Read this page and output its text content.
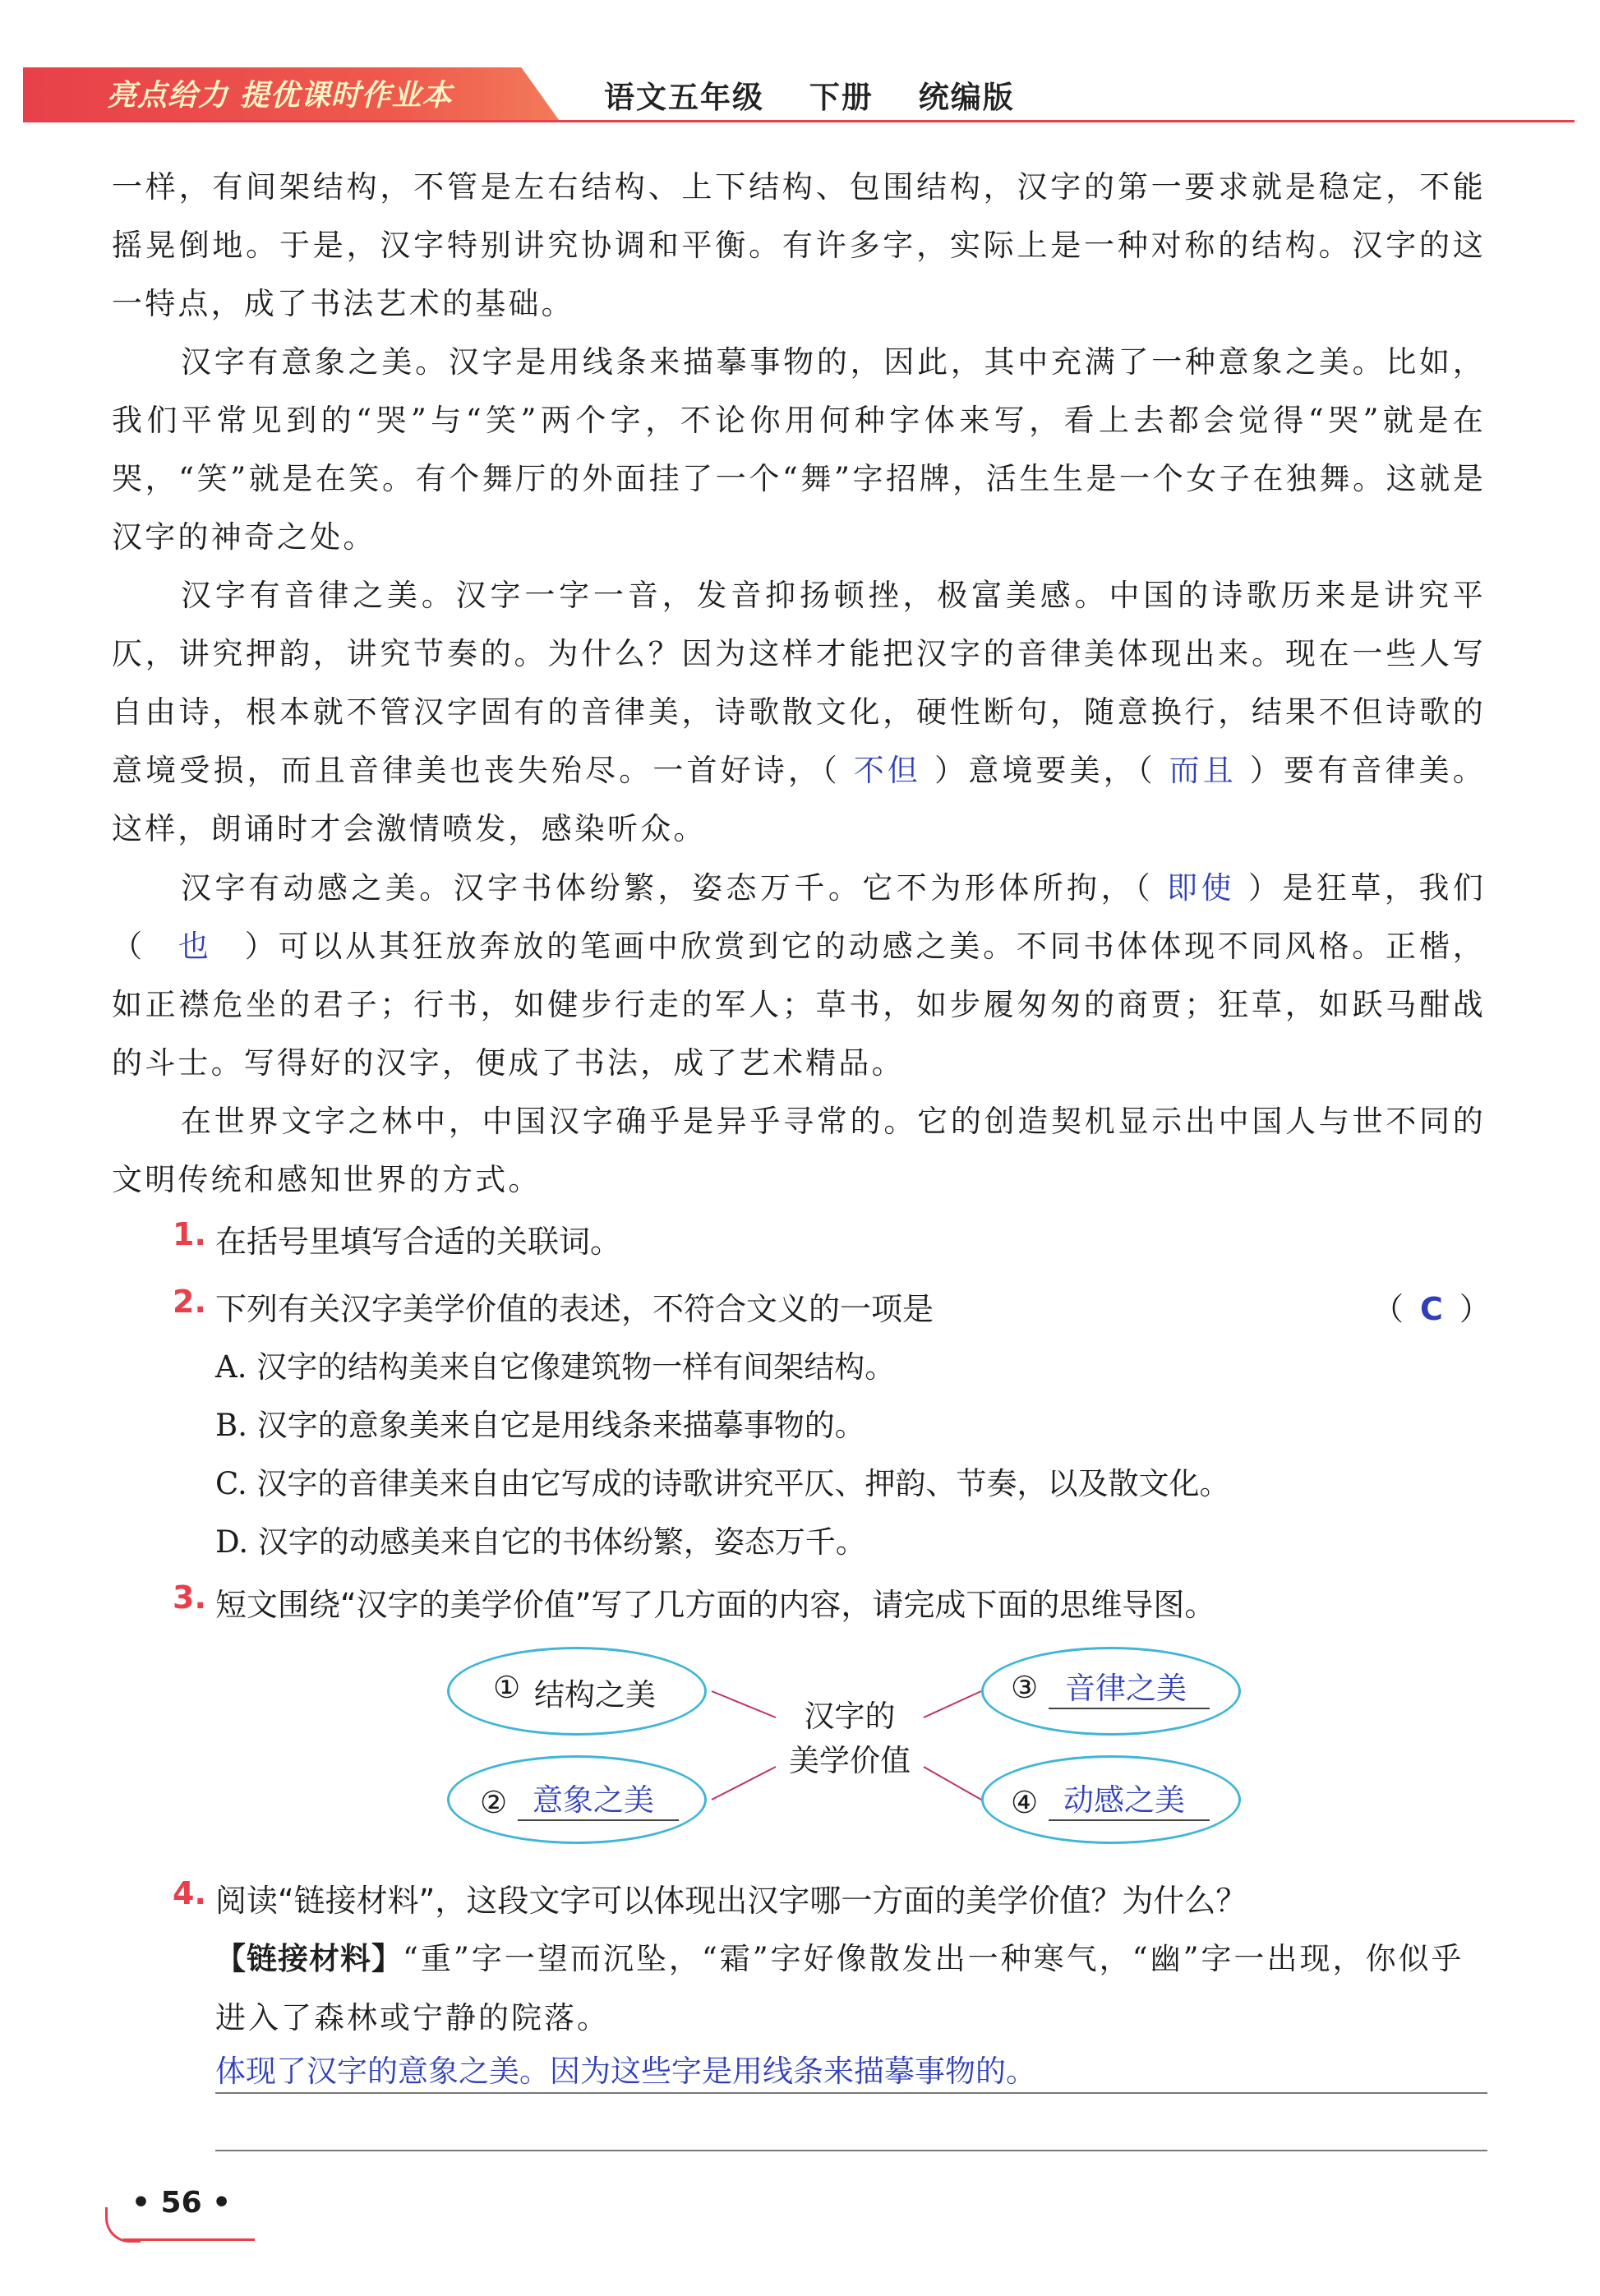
亮点给力 提优课时作业本	语文五年级 下册 统编版

一样，有间架结构，不管是左右结构、上下结构、包围结构，汉字的第一要求就是稳定，不能摇晃倒地。于是，汉字特别讲究协调和平衡。有许多字，实际上是一种对称的结构。汉字的这一特点，成了书法艺术的基础。

汉字有意象之美。汉字是用线条来描摹事物的，因此，其中充满了一种意象之美。比如，我们平常见到的“哭”与“笑”两个字，不论你用何种字体来写，看上去都会觉得“哭”就是在哭，“笑”就是在笑。有个舞厅的外面挂了一个“舞”字招牌，活生生是一个女子在独舞。这就是汉字的神奇之处。

汉字有音律之美。汉字一字一音，发音抑扬顿挫，极富美感。中国的诗歌历来是讲究平仄，讲究押韵，讲究节奏的。为什么？因为这样才能把汉字的音律美体现出来。现在一些人写自由诗，根本就不管汉字固有的音律美，诗歌散文化，硬性断句，随意换行，结果不但诗歌的意境受损，而且音律美也丧失殆尽。一首好诗，（ 不但 ）意境要美，（ 而且 ）要有音律美。这样，朗诵时才会激情喷发，感染听众。

汉字有动感之美。汉字书体纷繁，姿态万千。它不为形体所拘，（ 即使 ）是狂草，我们（ 也 ）可以从其狂放奔放的笔画中欣赏到它的动感之美。不同书体体现不同风格。正楷，如正襟危坐的君子；行书，如健步行走的军人；草书，如步履匆匆的商贾；狂草，如跃马酣战的斗士。写得好的汉字，便成了书法，成了艺术精品。

在世界文字之林中，中国汉字确乎是异乎寻常的。它的创造契机显示出中国人与世不同的文明传统和感知世界的方式。

1. 在括号里填写合适的关联词。
2. 下列有关汉字美学价值的表述，不符合文义的一项是	（ C ）
A. 汉字的结构美来自它像建筑物一样有间架结构。
B. 汉字的意象美来自它是用线条来描摹事物的。
C. 汉字的音律美来自由它写成的诗歌讲究平仄、押韵、节奏，以及散文化。
D. 汉字的动感美来自它的书体纷繁，姿态万千。
3. 短文围绕“汉字的美学价值”写了几方面的内容，请完成下面的思维导图。
① 结构之美
② 意象之美
汉字的
美学价值
③ 音律之美
④ 动感之美
4. 阅读“链接材料”，这段文字可以体现出汉字哪一方面的美学价值？为什么？

【链接材料】“重”字一望而沉坠，“霜”字好像散发出一种寒气，“幽”字一出现，你似乎进入了森林或宁静的院落。

体现了汉字的意象之美。因为这些字是用线条来描摹事物的。
• 56 •
